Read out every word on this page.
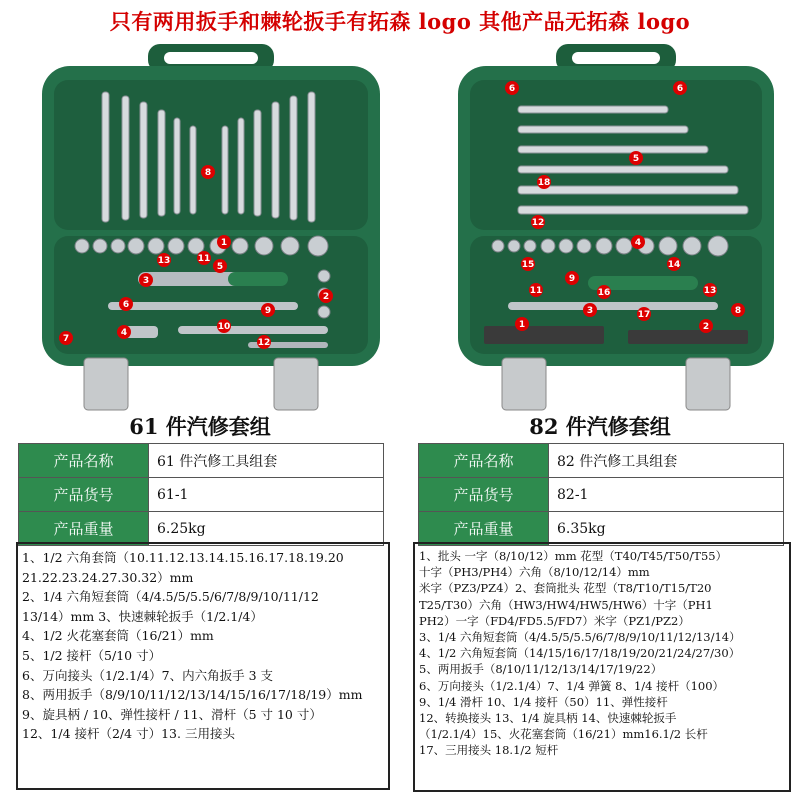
只有两用扳手和棘轮扳手有拓森 logo 其他产品无拓森 logo
8
1
13	11
3
5
2
6
9
4
10
7	12
6	6
5
18
12
4
15
9
14
11	16	13
1
3	17	8
2
61 件汽修套组	82 件汽修套组
产品名称	61 件汽修工具组套
产品货号	61-1
产品重量	6.25kg
产品名称	82 件汽修工具组套
产品货号	82-1
产品重量	6.35kg

1、1/2 六角套筒（10.11.12.13.14.15.16.17.18.19.20

21.22.23.24.27.30.32）mm

2、1/4 六角短套筒（4/4.5/5/5.5/6/7/8/9/10/11/12

13/14）mm 3、快速棘轮扳手（1/2.1/4）

4、1/2 火花塞套筒（16/21）mm

5、1/2 接杆（5/10 寸）

6、万向接头（1/2.1/4）7、内六角扳手 3 支

8、两用扳手（8/9/10/11/12/13/14/15/16/17/18/19）mm

9、旋具柄 / 10、弹性接杆 / 11、滑杆（5 寸 10 寸）

12、1/4 接杆（2/4 寸）13. 三用接头

1、批头 一字（8/10/12）mm 花型（T40/T45/T50/T55）

十字（PH3/PH4）六角（8/10/12/14）mm

米字（PZ3/PZ4）2、套筒批头 花型（T8/T10/T15/T20

T25/T30）六角（HW3/HW4/HW5/HW6）十字（PH1

PH2）一字（FD4/FD5.5/FD7）米字（PZ1/PZ2）

3、1/4 六角短套筒（4/4.5/5/5.5/6/7/8/9/10/11/12/13/14）

4、1/2 六角短套筒（14/15/16/17/18/19/20/21/24/27/30）

5、两用扳手（8/10/11/12/13/14/17/19/22）

6、万向接头（1/2.1/4）7、1/4 弹簧 8、1/4 接杆（100）

9、1/4 滑杆 10、1/4 接杆（50）11、弹性接杆

12、转换接头 13、1/4 旋具柄 14、快速棘轮扳手

（1/2.1/4）15、火花塞套筒（16/21）mm16.1/2 长杆

17、三用接头 18.1/2 短杆
